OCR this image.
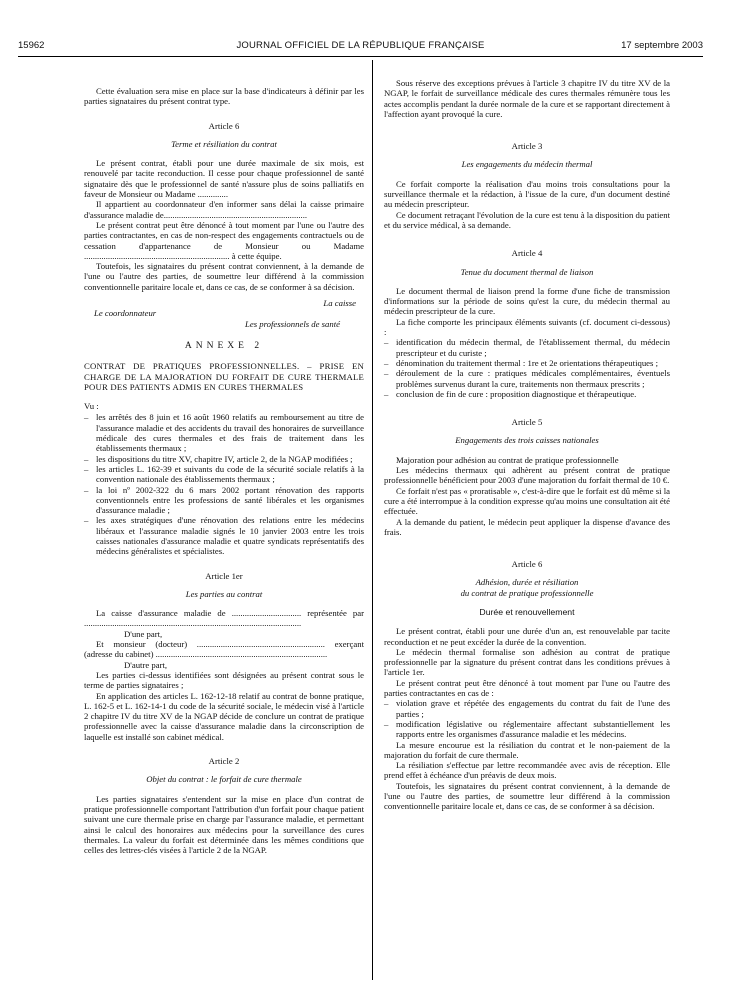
15962	JOURNAL OFFICIEL DE LA RÉPUBLIQUE FRANÇAISE	17 septembre 2003

Cette évaluation sera mise en place sur la base d'indicateurs à définir par les parties signataires du présent contrat type.

Article 6
Terme et résiliation du contrat

Le présent contrat, établi pour une durée maximale de six mois, est renouvelé par tacite reconduction. Il cesse pour chaque professionnel de santé signataire dès que le professionnel de santé n'assure plus de soins palliatifs en faveur de Monsieur ou Madame ..............

Il appartient au coordonnateur d'en informer sans délai la caisse primaire d'assurance maladie de..................................................................

Le présent contrat peut être dénoncé à tout moment par l'une ou l'autre des parties contractantes, en cas de non-respect des engagements contractuels ou de cessation d'appartenance de Monsieur ou Madame ................................................................... à cette équipe.

Toutefois, les signataires du présent contrat conviennent, à la demande de l'une ou l'autre des parties, de soumettre leur différend à la commission conventionnelle paritaire locale et, dans ce cas, de se conformer à sa décision.

La caisse
Le coordonnateur
Les professionnels de santé
ANNEXE 2
CONTRAT DE PRATIQUES PROFESSIONNELLES. – PRISE EN CHARGE DE LA MAJORATION DU FORFAIT DE CURE THERMALE POUR DES PATIENTS ADMIS EN CURES THERMALES
Vu :
– les arrêtés des 8 juin et 16 août 1960 relatifs au remboursement au titre de l'assurance maladie et des accidents du travail des honoraires de surveillance médicale des cures thermales et des frais de traitement dans les établissements thermaux ;
– les dispositions du titre XV, chapitre IV, article 2, de la NGAP modifiées ;
– les articles L. 162-39 et suivants du code de la sécurité sociale relatifs à la convention nationale des établissements thermaux ;
– la loi nº 2002-322 du 6 mars 2002 portant rénovation des rapports conventionnels entre les professions de santé libérales et les organismes d'assurance maladie ;
– les axes stratégiques d'une rénovation des relations entre les médecins libéraux et l'assurance maladie signés le 10 janvier 2003 entre les trois caisses nationales d'assurance maladie et quatre syndicats représentatifs des médecins généralistes et spécialistes.
Article 1er
Les parties au contrat

La caisse d'assurance maladie de ................................ représentée par ....................................................................................................

D'une part,

Et monsieur (docteur) ........................................................... exerçant (adresse du cabinet) ...............................................................................

D'autre part,

Les parties ci-dessus identifiées sont désignées au présent contrat sous le terme de parties signataires ;

En application des articles L. 162-12-18 relatif au contrat de bonne pratique, L. 162-5 et L. 162-14-1 du code de la sécurité sociale, le médecin visé à l'article 2 chapitre IV du titre XV de la NGAP décide de conclure un contrat de pratique professionnelle avec la caisse d'assurance maladie dans la circonscription de laquelle est installé son cabinet médical.

Article 2
Objet du contrat : le forfait de cure thermale

Les parties signataires s'entendent sur la mise en place d'un contrat de pratique professionnelle comportant l'attribution d'un forfait pour chaque patient suivant une cure thermale prise en charge par l'assurance maladie, et permettant ainsi le calcul des honoraires aux médecins pour la surveillance des cures thermales. La valeur du forfait est déterminée dans les mêmes conditions que celles des lettres-clés visées à l'article 2 de la NGAP.

Sous réserve des exceptions prévues à l'article 3 chapitre IV du titre XV de la NGAP, le forfait de surveillance médicale des cures thermales rémunère tous les actes accomplis pendant la durée normale de la cure et se rapportant directement à l'affection ayant provoqué la cure.

Article 3
Les engagements du médecin thermal

Ce forfait comporte la réalisation d'au moins trois consultations pour la surveillance thermale et la rédaction, à l'issue de la cure, d'un document destiné au médecin prescripteur.

Ce document retraçant l'évolution de la cure est tenu à la disposition du patient et du service médical, à sa demande.

Article 4
Tenue du document thermal de liaison

Le document thermal de liaison prend la forme d'une fiche de transmission d'informations sur la période de soins qu'est la cure, du médecin thermal au médecin prescripteur de la cure.

La fiche comporte les principaux éléments suivants (cf. document ci-dessous) :

– identification du médecin thermal, de l'établissement thermal, du médecin prescripteur et du curiste ;
– dénomination du traitement thermal : 1re et 2e orientations thérapeutiques ;
– déroulement de la cure : pratiques médicales complémentaires, éventuels problèmes survenus durant la cure, traitements non thermaux prescrits ;
– conclusion de fin de cure : proposition diagnostique et thérapeutique.
Article 5
Engagements des trois caisses nationales

Majoration pour adhésion au contrat de pratique professionnelle

Les médecins thermaux qui adhèrent au présent contrat de pratique professionnelle bénéficient pour 2003 d'une majoration du forfait thermal de 10 €.

Ce forfait n'est pas « proratisable », c'est-à-dire que le forfait est dû même si la cure a été interrompue à la condition expresse qu'au moins une consultation ait été effectuée.

A la demande du patient, le médecin peut appliquer la dispense d'avance des frais.

Article 6
Adhésion, durée et résiliation
du contrat de pratique professionnelle
Durée et renouvellement

Le présent contrat, établi pour une durée d'un an, est renouvelable par tacite reconduction et ne peut excéder la durée de la convention.

Le médecin thermal formalise son adhésion au contrat de pratique professionnelle par la signature du présent contrat dans les conditions prévues à l'article 1er.

Le présent contrat peut être dénoncé à tout moment par l'une ou l'autre des parties contractantes en cas de :

– violation grave et répétée des engagements du contrat du fait de l'une des parties ;
– modification législative ou réglementaire affectant substantiellement les rapports entre les organismes d'assurance maladie et les médecins.

La mesure encourue est la résiliation du contrat et le non-paiement de la majoration du forfait de cure thermale.

La résiliation s'effectue par lettre recommandée avec avis de réception. Elle prend effet à échéance d'un préavis de deux mois.

Toutefois, les signataires du présent contrat conviennent, à la demande de l'une ou l'autre des parties, de soumettre leur différend à la commission conventionnelle paritaire locale et, dans ce cas, de se conformer à sa décision.
